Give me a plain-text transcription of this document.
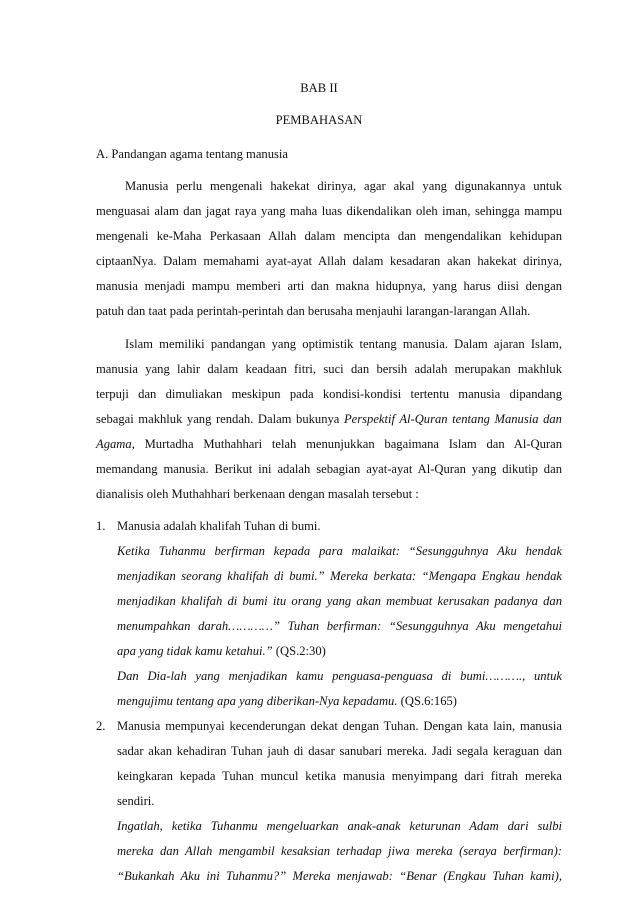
BAB II
PEMBAHASAN
A. Pandangan agama tentang manusia
Manusia perlu mengenali hakekat dirinya, agar akal yang digunakannya untuk
menguasai alam dan jagat raya yang maha luas dikendalikan oleh iman, sehingga mampu
mengenali ke-Maha Perkasaan Allah dalam mencipta dan mengendalikan kehidupan
ciptaanNya. Dalam memahami ayat-ayat Allah dalam kesadaran akan hakekat dirinya,
manusia menjadi mampu memberi arti dan makna hidupnya, yang harus diisi dengan
patuh dan taat pada perintah-perintah dan berusaha menjauhi larangan-larangan Allah.
Islam memiliki pandangan yang optimistik tentang manusia. Dalam ajaran Islam,
manusia yang lahir dalam keadaan fitri, suci dan bersih adalah merupakan makhluk
terpuji dan dimuliakan meskipun pada kondisi-kondisi tertentu manusia dipandang
sebagai makhluk yang rendah. Dalam bukunya Perspektif Al-Quran tentang Manusia dan
Agama, Murtadha Muthahhari telah menunjukkan bagaimana Islam dan Al-Quran
memandang manusia. Berikut ini adalah sebagian ayat-ayat Al-Quran yang dikutip dan
dianalisis oleh Muthahhari berkenaan dengan masalah tersebut :
1. Manusia adalah khalifah Tuhan di bumi.
Ketika Tuhanmu berfirman kepada para malaikat: “Sesungguhnya Aku hendak
menjadikan seorang khalifah di bumi.” Mereka berkata: “Mengapa Engkau hendak
menjadikan khalifah di bumi itu orang yang akan membuat kerusakan padanya dan
menumpahkan darah…………” Tuhan berfirman: “Sesungguhnya Aku mengetahui
apa yang tidak kamu ketahui.” (QS.2:30)
Dan Dia-lah yang menjadikan kamu penguasa-penguasa di bumi………., untuk
mengujimu tentang apa yang diberikan-Nya kepadamu. (QS.6:165)
2. Manusia mempunyai kecenderungan dekat dengan Tuhan. Dengan kata lain, manusia
sadar akan kehadiran Tuhan jauh di dasar sanubari mereka. Jadi segala keraguan dan
keingkaran kepada Tuhan muncul ketika manusia menyimpang dari fitrah mereka
sendiri.
Ingatlah, ketika Tuhanmu mengeluarkan anak-anak keturunan Adam dari sulbi
mereka dan Allah mengambil kesaksian terhadap jiwa mereka (seraya berfirman):
“Bukankah Aku ini Tuhanmu?” Mereka menjawab: “Benar (Engkau Tuhan kami),
